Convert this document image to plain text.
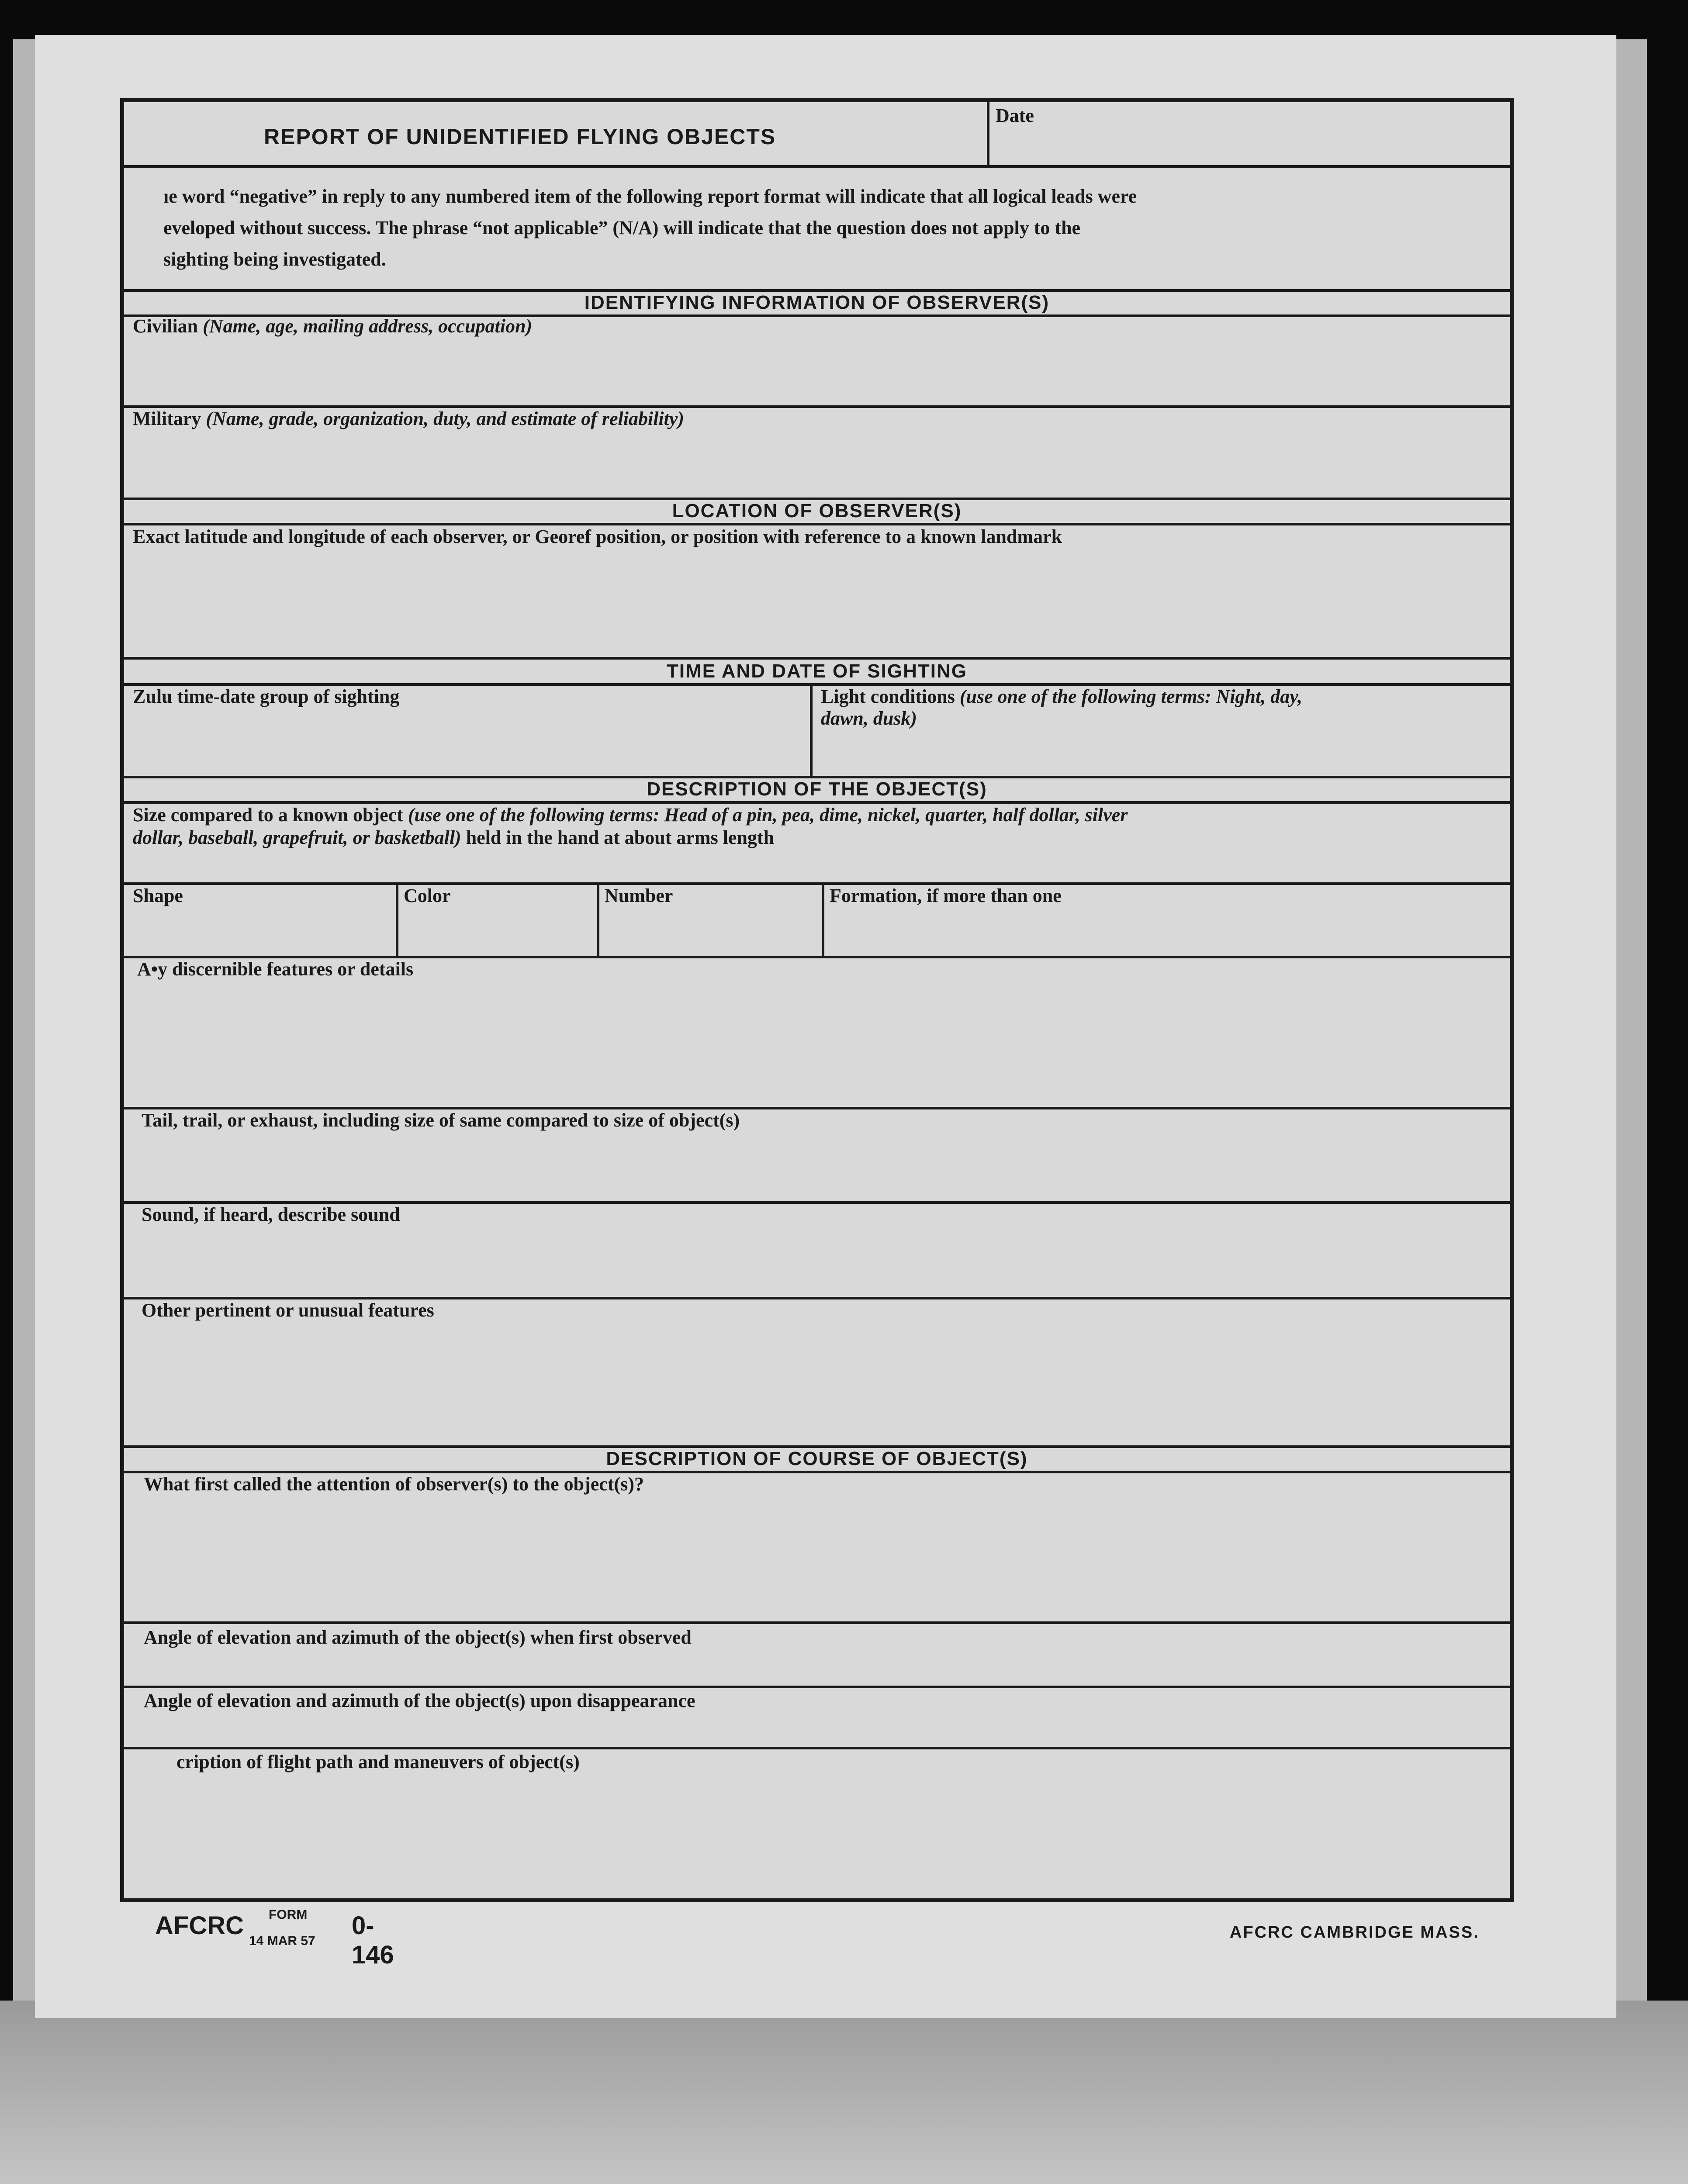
REPORT OF UNIDENTIFIED FLYING OBJECTS
Date
ıe word “negative” in reply to any numbered item of the following report format will indicate that all logical leads were
eveloped without success. The phrase “not applicable” (N/A) will indicate that the question does not apply to the
sighting being investigated.
IDENTIFYING INFORMATION OF OBSERVER(S)
Civilian (Name, age, mailing address, occupation)
Military (Name, grade, organization, duty, and estimate of reliability)
LOCATION OF OBSERVER(S)
Exact latitude and longitude of each observer, or Georef position, or position with reference to a known landmark
TIME AND DATE OF SIGHTING
Zulu time-date group of sighting	Light conditions (use one of the following terms: Night, day,
dawn, dusk)
DESCRIPTION OF THE OBJECT(S)
Size compared to a known object (use one of the following terms: Head of a pin, pea, dime, nickel, quarter, half dollar, silver
dollar, baseball, grapefruit, or basketball) held in the hand at about arms length
Shape	Color	Number	Formation, if more than one
A•y discernible features or details
Tail, trail, or exhaust, including size of same compared to size of object(s)
Sound, if heard, describe sound
Other pertinent or unusual features
DESCRIPTION OF COURSE OF OBJECT(S)
What first called the attention of observer(s) to the object(s)?
Angle of elevation and azimuth of the object(s) when first observed
Angle of elevation and azimuth of the object(s) upon disappearance
cription of flight path and maneuvers of object(s)
AFCRC FORM
14 MAR 57
0-146
AFCRC CAMBRIDGE MASS.
